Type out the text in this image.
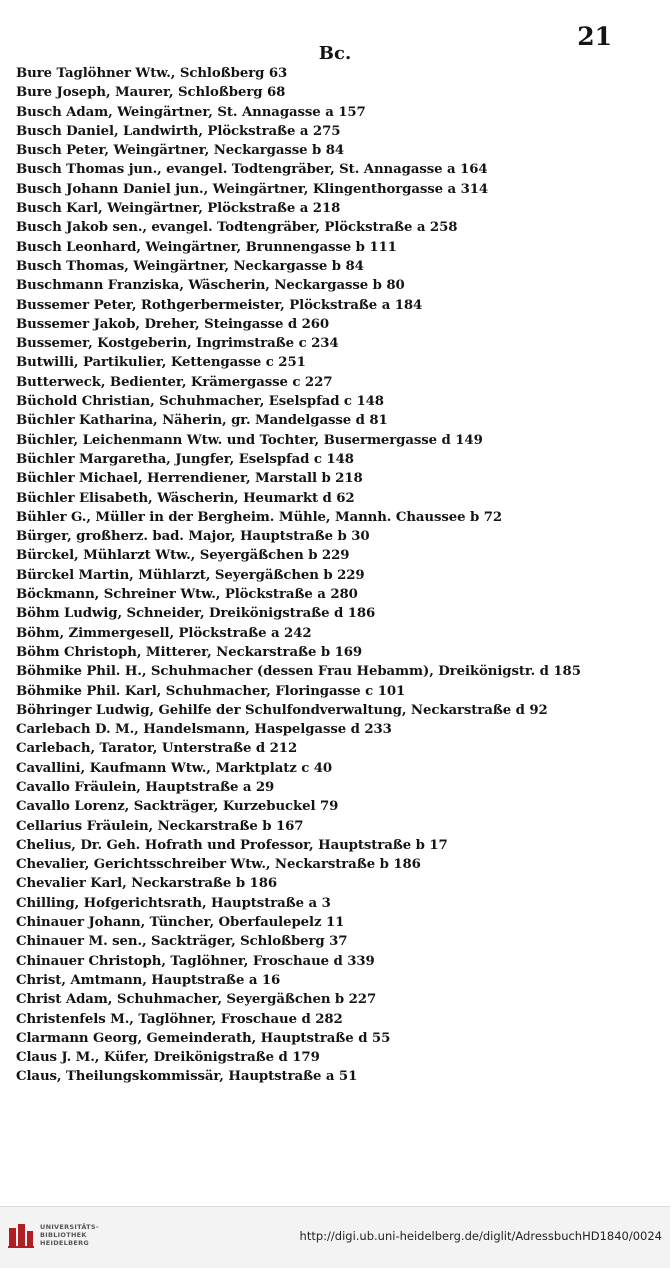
21
Bc.
Bure Taglöhner Wtw., Schloßberg 63
Bure Joseph, Maurer, Schloßberg 68
Busch Adam, Weingärtner, St. Annagasse a 157
Busch Daniel, Landwirth, Plöckstraße a 275
Busch Peter, Weingärtner, Neckargasse b 84
Busch Thomas jun., evangel. Todtengräber, St. Annagasse a 164
Busch Johann Daniel jun., Weingärtner, Klingenthorgasse a 314
Busch Karl, Weingärtner, Plöckstraße a 218
Busch Jakob sen., evangel. Todtengräber, Plöckstraße a 258
Busch Leonhard, Weingärtner, Brunnengasse b 111
Busch Thomas, Weingärtner, Neckargasse b 84
Buschmann Franziska, Wäscherin, Neckargasse b 80
Bussemer Peter, Rothgerbermeister, Plöckstraße a 184
Bussemer Jakob, Dreher, Steingasse d 260
Bussemer, Kostgeberin, Ingrimstraße c 234
Butwilli, Partikulier, Kettengasse c 251
Butterweck, Bedienter, Krämergasse c 227
Büchold Christian, Schuhmacher, Eselspfad c 148
Büchler Katharina, Näherin, gr. Mandelgasse d 81
Büchler, Leichenmann Wtw. und Tochter, Busermergasse d 149
Büchler Margaretha, Jungfer, Eselspfad c 148
Büchler Michael, Herrendiener, Marstall b 218
Büchler Elisabeth, Wäscherin, Heumarkt d 62
Bühler G., Müller in der Bergheim. Mühle, Mannh. Chaussee b 72
Bürger, großherz. bad. Major, Hauptstraße b 30
Bürckel, Mühlarzt Wtw., Seyergäßchen b 229
Bürckel Martin, Mühlarzt, Seyergäßchen b 229
Böckmann, Schreiner Wtw., Plöckstraße a 280
Böhm Ludwig, Schneider, Dreikönigstraße d 186
Böhm, Zimmergesell, Plöckstraße a 242
Böhm Christoph, Mitterer, Neckarstraße b 169
Böhmike Phil. H., Schuhmacher (dessen Frau Hebamm), Dreikönigstr. d 185
Böhmike Phil. Karl, Schuhmacher, Floringasse c 101
Böhringer Ludwig, Gehilfe der Schulfondverwaltung, Neckarstraße d 92
Carlebach D. M., Handelsmann, Haspelgasse d 233
Carlebach, Tarator, Unterstraße d 212
Cavallini, Kaufmann Wtw., Marktplatz c 40
Cavallo Fräulein, Hauptstraße a 29
Cavallo Lorenz, Sackträger, Kurzebuckel 79
Cellarius Fräulein, Neckarstraße b 167
Chelius, Dr. Geh. Hofrath und Professor, Hauptstraße b 17
Chevalier, Gerichtsschreiber Wtw., Neckarstraße b 186
Chevalier Karl, Neckarstraße b 186
Chilling, Hofgerichtsrath, Hauptstraße a 3
Chinauer Johann, Tüncher, Oberfaulepelz 11
Chinauer M. sen., Sackträger, Schloßberg 37
Chinauer Christoph, Taglöhner, Froschaue d 339
Christ, Amtmann, Hauptstraße a 16
Christ Adam, Schuhmacher, Seyergäßchen b 227
Christenfels M., Taglöhner, Froschaue d 282
Clarmann Georg, Gemeinderath, Hauptstraße d 55
Claus J. M., Küfer, Dreikönigstraße d 179
Claus, Theilungskommissär, Hauptstraße a 51
UNIVERSITÄTS-
BIBLIOTHEK
HEIDELBERG	http://digi.ub.uni-heidelberg.de/diglit/AdressbuchHD1840/0024
